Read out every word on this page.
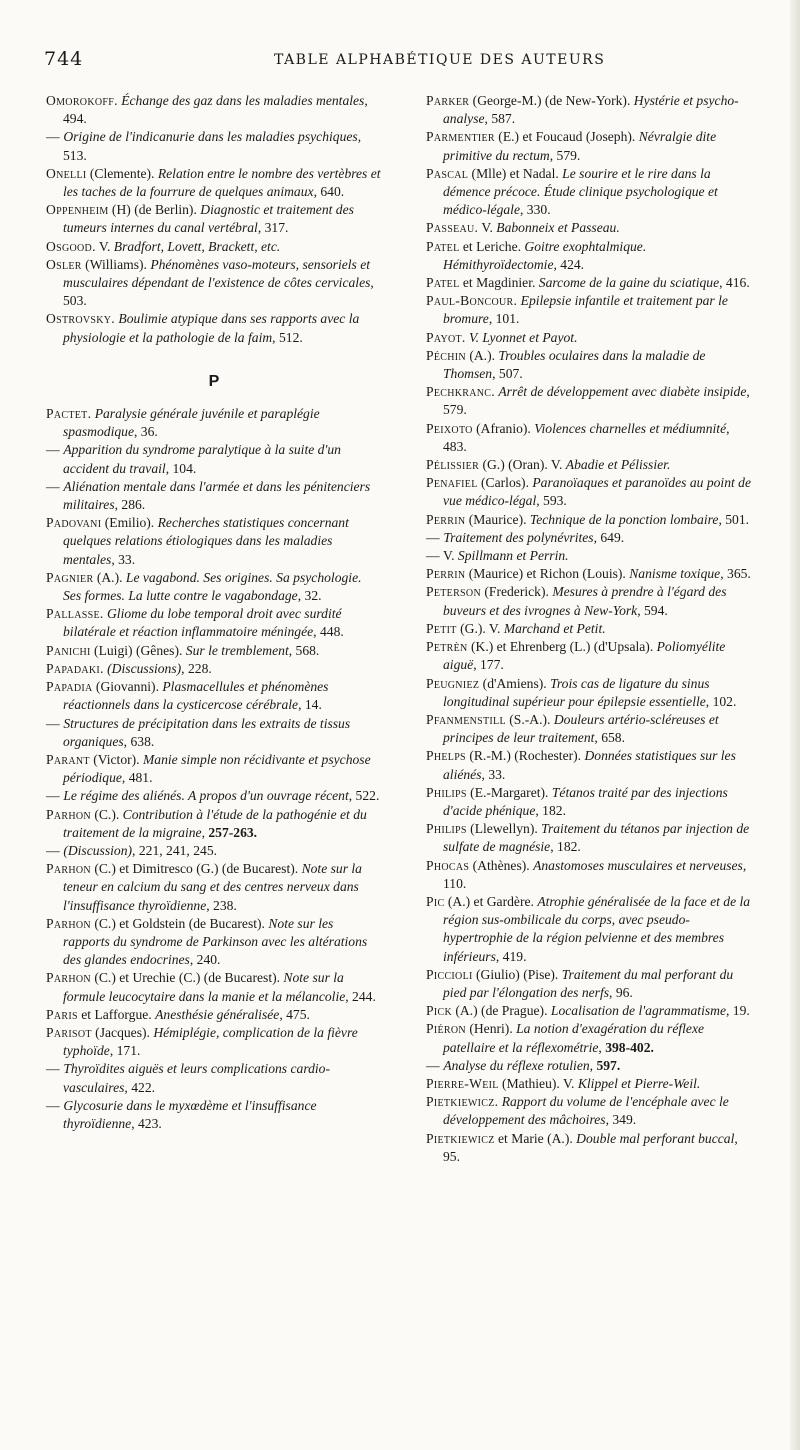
744	TABLE ALPHABÉTIQUE DES AUTEURS

Omorokoff. Échange des gaz dans les maladies mentales, 494.

— Origine de l'indicanurie dans les maladies psychiques, 513.

Onelli (Clemente). Relation entre le nombre des vertèbres et les taches de la fourrure de quelques animaux, 640.

Oppenheim (H) (de Berlin). Diagnostic et traitement des tumeurs internes du canal vertébral, 317.

Osgood. V. Bradfort, Lovett, Brackett, etc.

Osler (Williams). Phénomènes vaso-moteurs, sensoriels et musculaires dépendant de l'existence de côtes cervicales, 503.

Ostrovsky. Boulimie atypique dans ses rapports avec la physiologie et la pathologie de la faim, 512.

P

Pactet. Paralysie générale juvénile et paraplégie spasmodique, 36.

— Apparition du syndrome paralytique à la suite d'un accident du travail, 104.

— Aliénation mentale dans l'armée et dans les pénitenciers militaires, 286.

Padovani (Emilio). Recherches statistiques concernant quelques relations étiologiques dans les maladies mentales, 33.

Pagnier (A.). Le vagabond. Ses origines. Sa psychologie. Ses formes. La lutte contre le vagabondage, 32.

Pallasse. Gliome du lobe temporal droit avec surdité bilatérale et réaction inflammatoire méningée, 448.

Panichi (Luigi) (Gênes). Sur le tremblement, 568.

Papadaki. (Discussions), 228.

Papadia (Giovanni). Plasmacellules et phénomènes réactionnels dans la cysticercose cérébrale, 14.

— Structures de précipitation dans les extraits de tissus organiques, 638.

Parant (Victor). Manie simple non récidivante et psychose périodique, 481.

— Le régime des aliénés. A propos d'un ouvrage récent, 522.

Parhon (C.). Contribution à l'étude de la pathogénie et du traitement de la migraine, 257-263.

— (Discussion), 221, 241, 245.

Parhon (C.) et Dimitresco (G.) (de Bucarest). Note sur la teneur en calcium du sang et des centres nerveux dans l'insuffisance thyroïdienne, 238.

Parhon (C.) et Goldstein (de Bucarest). Note sur les rapports du syndrome de Parkinson avec les altérations des glandes endocrines, 240.

Parhon (C.) et Urechie (C.) (de Bucarest). Note sur la formule leucocytaire dans la manie et la mélancolie, 244.

Paris et Lafforgue. Anesthésie généralisée, 475.

Parisot (Jacques). Hémiplégie, complication de la fièvre typhoïde, 171.

— Thyroïdites aiguës et leurs complications cardio-vasculaires, 422.

— Glycosurie dans le myxœdème et l'insuffisance thyroïdienne, 423.

Parker (George-M.) (de New-York). Hystérie et psycho-analyse, 587.

Parmentier (E.) et Foucaud (Joseph). Névralgie dite primitive du rectum, 579.

Pascal (Mlle) et Nadal. Le sourire et le rire dans la démence précoce. Étude clinique psychologique et médico-légale, 330.

Passeau. V. Babonneix et Passeau.

Patel et Leriche. Goitre exophtalmique. Hémithyroïdectomie, 424.

Patel et Magdinier. Sarcome de la gaine du sciatique, 416.

Paul-Boncour. Epilepsie infantile et traitement par le bromure, 101.

Payot. V. Lyonnet et Payot.

Péchin (A.). Troubles oculaires dans la maladie de Thomsen, 507.

Pechkranc. Arrêt de développement avec diabète insipide, 579.

Peixoto (Afranio). Violences charnelles et médiumnité, 483.

Pélissier (G.) (Oran). V. Abadie et Pélissier.

Penafiel (Carlos). Paranoïaques et paranoïdes au point de vue médico-légal, 593.

Perrin (Maurice). Technique de la ponction lombaire, 501.

— Traitement des polynévrites, 649.

— V. Spillmann et Perrin.

Perrin (Maurice) et Richon (Louis). Nanisme toxique, 365.

Peterson (Frederick). Mesures à prendre à l'égard des buveurs et des ivrognes à New-York, 594.

Petit (G.). V. Marchand et Petit.

Petrèn (K.) et Ehrenberg (L.) (d'Upsala). Poliomyélite aiguë, 177.

Peugniez (d'Amiens). Trois cas de ligature du sinus longitudinal supérieur pour épilepsie essentielle, 102.

Pfanmenstill (S.-A.). Douleurs artério-scléreuses et principes de leur traitement, 658.

Phelps (R.-M.) (Rochester). Données statistiques sur les aliénés, 33.

Philips (E.-Margaret). Tétanos traité par des injections d'acide phénique, 182.

Philips (Llewellyn). Traitement du tétanos par injection de sulfate de magnésie, 182.

Phocas (Athènes). Anastomoses musculaires et nerveuses, 110.

Pic (A.) et Gardère. Atrophie généralisée de la face et de la région sus-ombilicale du corps, avec pseudo-hypertrophie de la région pelvienne et des membres inférieurs, 419.

Piccioli (Giulio) (Pise). Traitement du mal perforant du pied par l'élongation des nerfs, 96.

Pick (A.) (de Prague). Localisation de l'agrammatisme, 19.

Piéron (Henri). La notion d'exagération du réflexe patellaire et la réflexométrie, 398-402.

— Analyse du réflexe rotulien, 597.

Pierre-Weil (Mathieu). V. Klippel et Pierre-Weil.

Pietkiewicz. Rapport du volume de l'encéphale avec le développement des mâchoires, 349.

Pietkiewicz et Marie (A.). Double mal perforant buccal, 95.
